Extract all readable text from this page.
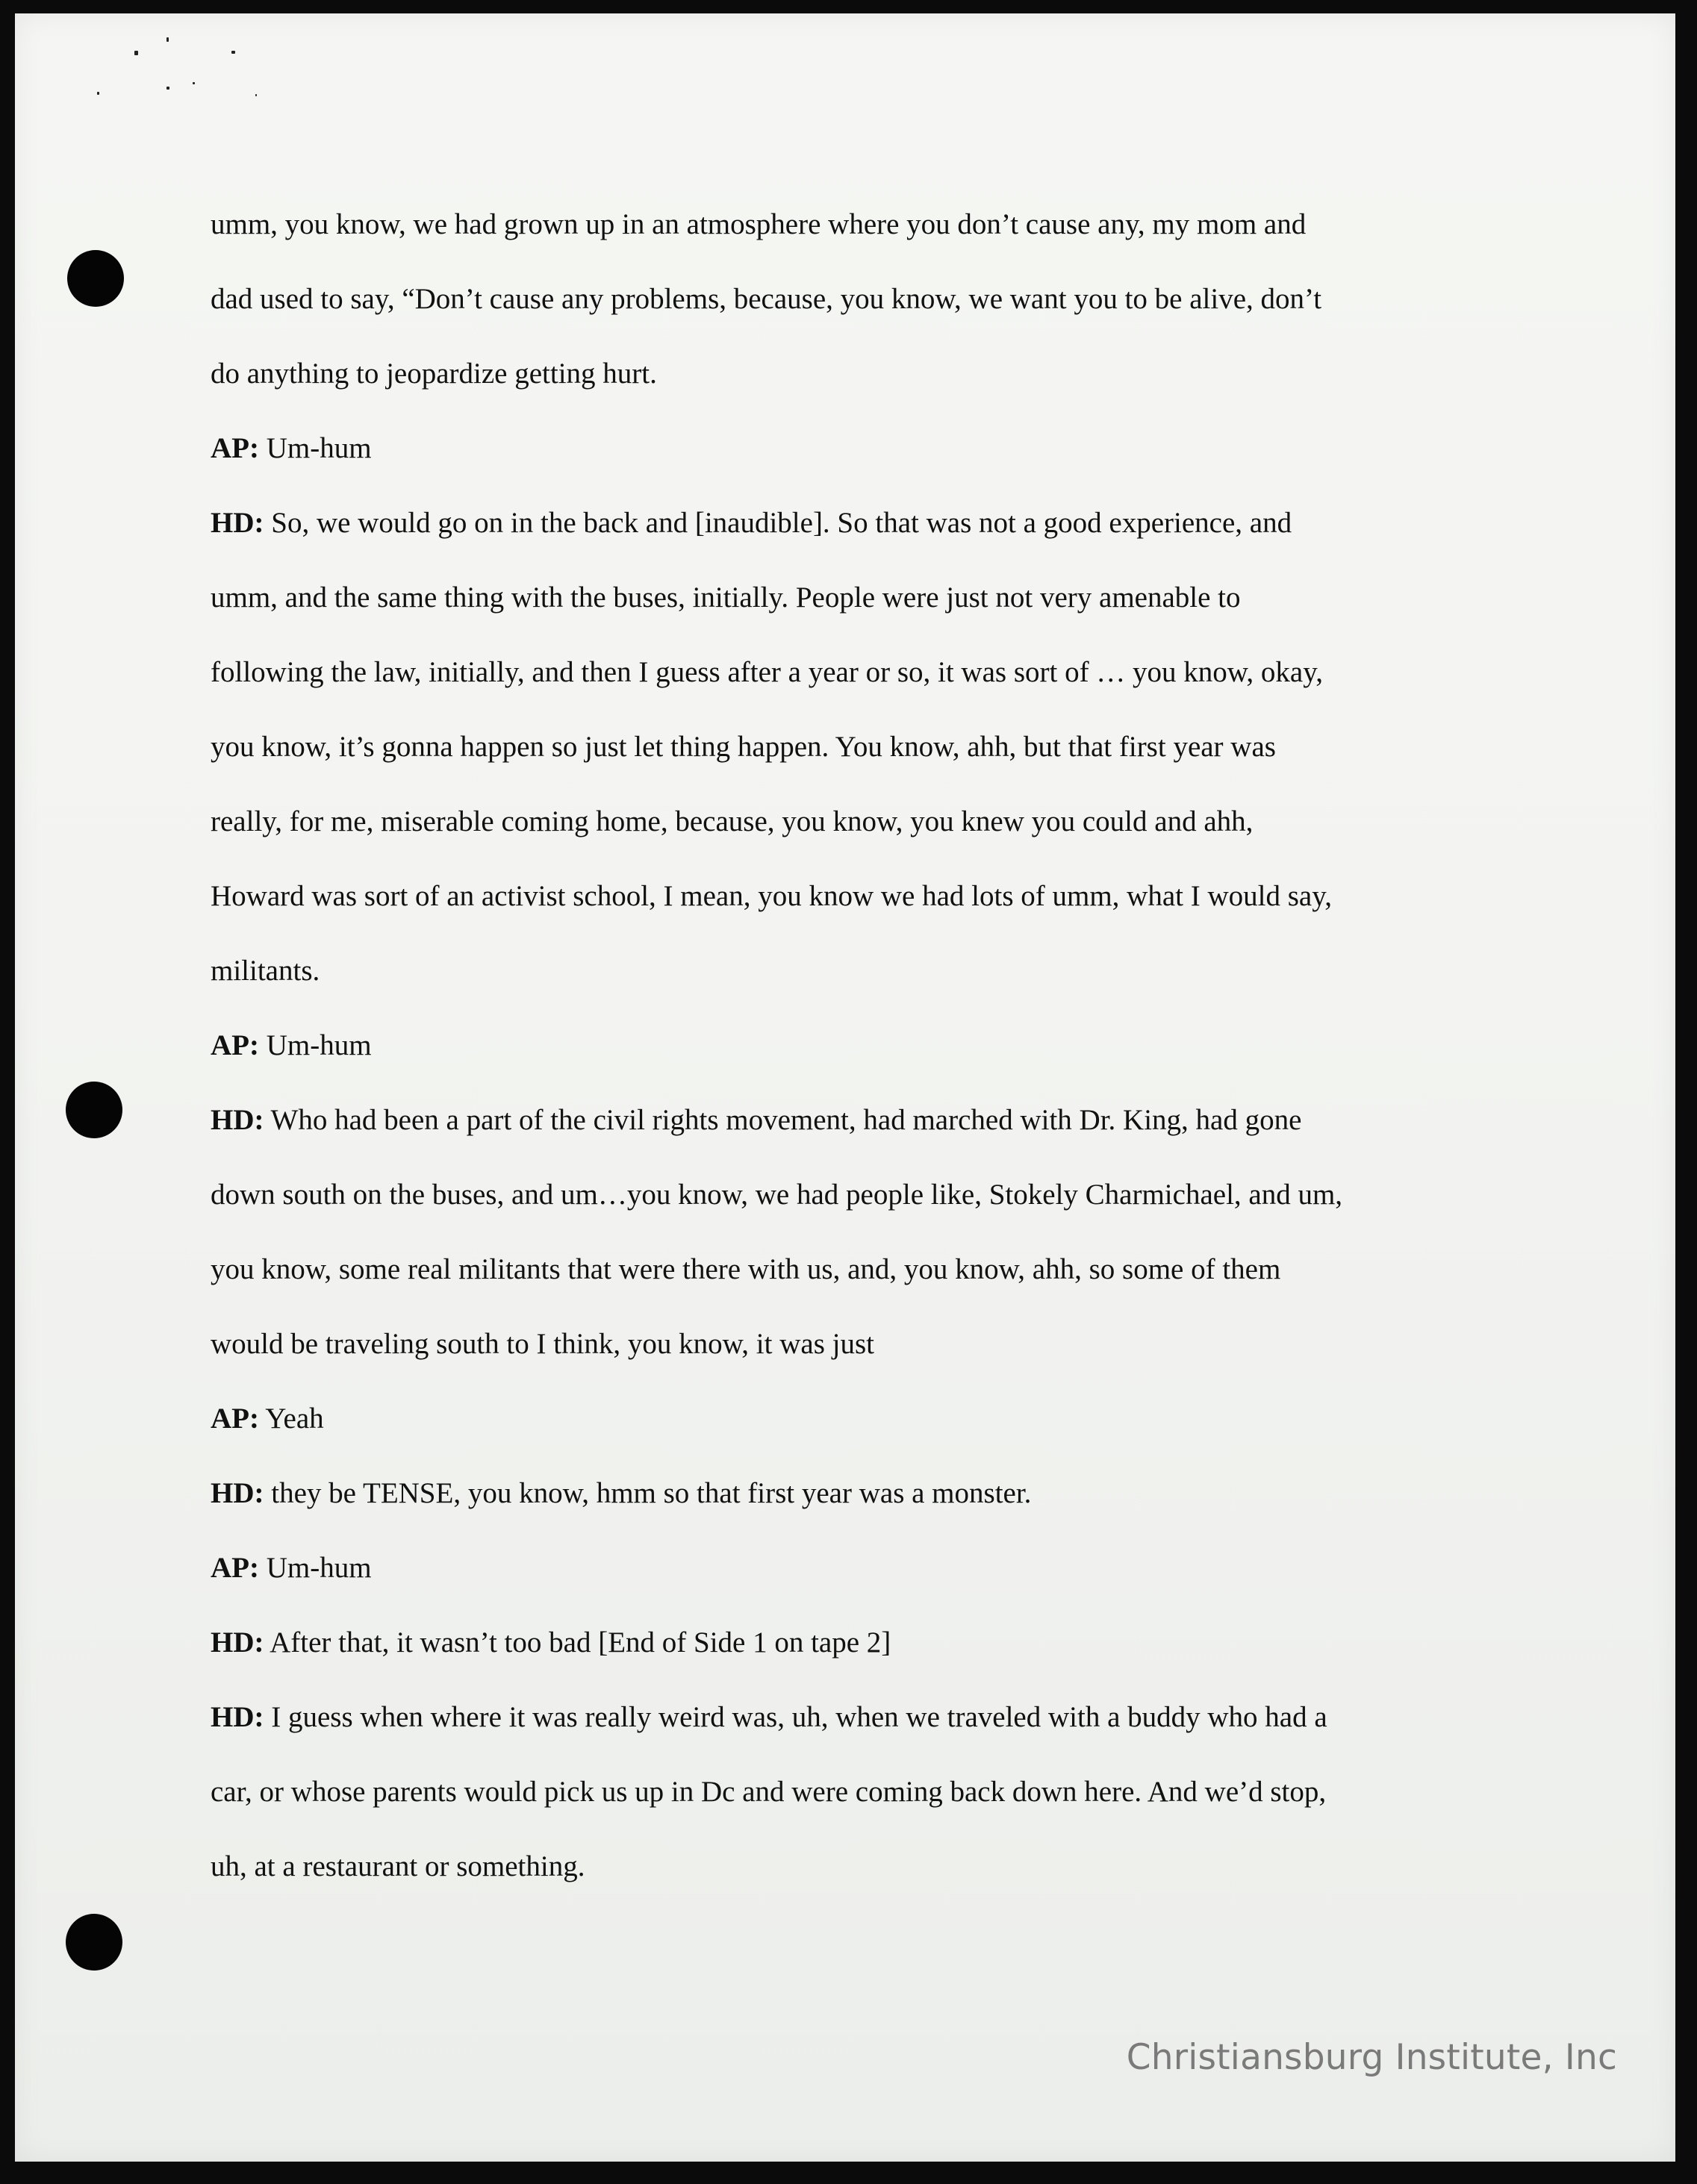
umm, you know, we had grown up in an atmosphere where you don’t cause any, my mom and
dad used to say, “Don’t cause any problems, because, you know, we want you to be alive, don’t
do anything to jeopardize getting hurt.
AP: Um-hum
HD: So, we would go on in the back and [inaudible]. So that was not a good experience, and
umm, and the same thing with the buses, initially. People were just not very amenable to
following the law, initially, and then I guess after a year or so, it was sort of … you know, okay,
you know, it’s gonna happen so just let thing happen. You know, ahh, but that first year was
really, for me, miserable coming home, because, you know, you knew you could and ahh,
Howard was sort of an activist school, I mean, you know we had lots of umm, what I would say,
militants.
AP: Um-hum
HD: Who had been a part of the civil rights movement, had marched with Dr. King, had gone
down south on the buses, and um…you know, we had people like, Stokely Charmichael, and um,
you know, some real militants that were there with us, and, you know, ahh, so some of them
would be traveling south to I think, you know, it was just
AP: Yeah
HD: they be TENSE, you know, hmm so that first year was a monster.
AP: Um-hum
HD: After that, it wasn’t too bad [End of Side 1 on tape 2]
HD: I guess when where it was really weird was, uh, when we traveled with a buddy who had a
car, or whose parents would pick us up in Dc and were coming back down here. And we’d stop,
uh, at a restaurant or something.
Christiansburg Institute, Inc
